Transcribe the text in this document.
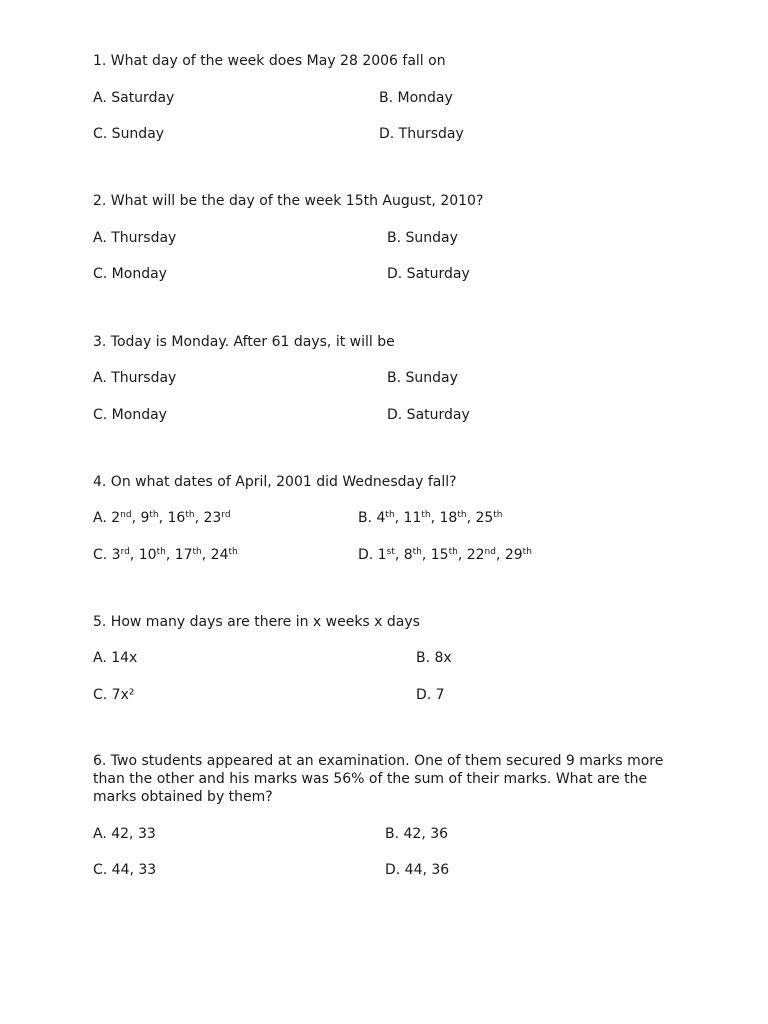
1. What day of the week does May 28 2006 fall on

A. Saturday	B. Monday
C. Sunday	D. Thursday

2. What will be the day of the week 15th August, 2010?

A. Thursday	B. Sunday
C. Monday	D. Saturday

3. Today is Monday. After 61 days, it will be

A. Thursday	B. Sunday
C. Monday	D. Saturday

4. On what dates of April, 2001 did Wednesday fall?

A. 2nd, 9th, 16th, 23rd	B. 4th, 11th, 18th, 25th
C. 3rd, 10th, 17th, 24th	D. 1st, 8th, 15th, 22nd, 29th

5. How many days are there in x weeks x days

A. 14x	B. 8x
C. 7x²	D. 7

6. Two students appeared at an examination. One of them secured 9 marks more than the other and his marks was 56% of the sum of their marks. What are the marks obtained by them?

A. 42, 33	B. 42, 36
C. 44, 33	D. 44, 36
